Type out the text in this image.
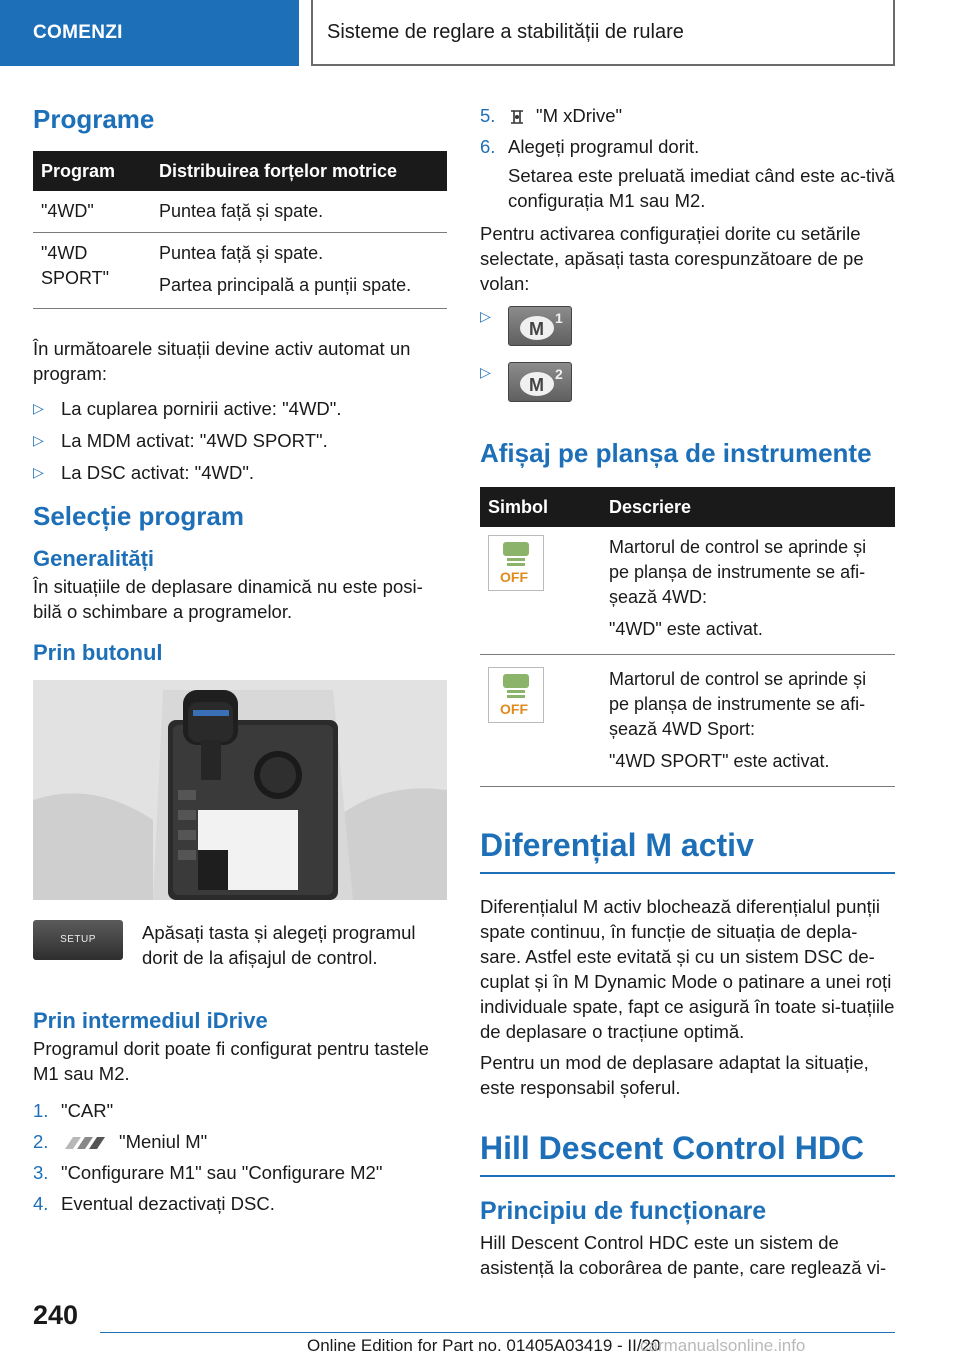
COMENZI	Sisteme de reglare a stabilității de rulare
Programe
Program	Distribuirea forțelor motrice
"4WD"	Puntea față și spate.
"4WD SPORT"	Puntea față și spate.
Partea principală a punții spate.

În următoarele situații devine activ automat un program:

▷ La cuplarea pornirii active: "4WD".
▷ La MDM activat: "4WD SPORT".
▷ La DSC activat: "4WD".
Selecție program
Generalități

În situațiile de deplasare dinamică nu este posi-bilă o schimbare a programelor.

Prin butonul
SETUP	Apăsați tasta și alegeți programul dorit de la afișajul de control.

Prin intermediul iDrive

Programul dorit poate fi configurat pentru tastele M1 sau M2.

1. "CAR"
2.	"Meniul M"
3. "Configurare M1" sau "Configurare M2"
4. Eventual dezactivați DSC.
5. "M xDrive"
6. Alegeți programul dorit.

Setarea este preluată imediat când este ac-tivă configurația M1 sau M2.

Pentru activarea configurației dorite cu setările selectate, apăsați tasta corespunzătoare de pe volan:

▷
M
1
▷
M
2
Afișaj pe planșa de instrumente
Simbol	Descriere

OFF	Martorul de control se aprinde și pe planșa de instrumente se afi-șează 4WD:
"4WD" este activat.

OFF	Martorul de control se aprinde și pe planșa de instrumente se afi-șează 4WD Sport:
"4WD SPORT" este activat.
Diferențial M activ

Diferențialul M activ blochează diferențialul punții spate continuu, în funcție de situația de depla-sare. Astfel este evitată și cu un sistem DSC de-cuplat și în M Dynamic Mode o patinare a unei roți individuale spate, fapt ce asigură în toate si-tuațiile de deplasare o tracțiune optimă.

Pentru un mod de deplasare adaptat la situație, este responsabil șoferul.

Hill Descent Control HDC
Principiu de funcționare

Hill Descent Control HDC este un sistem de asistență la coborârea de pante, care reglează vi-

240
Online Edition for Part no. 01405A03419 - II/20
carmanualsonline.info
